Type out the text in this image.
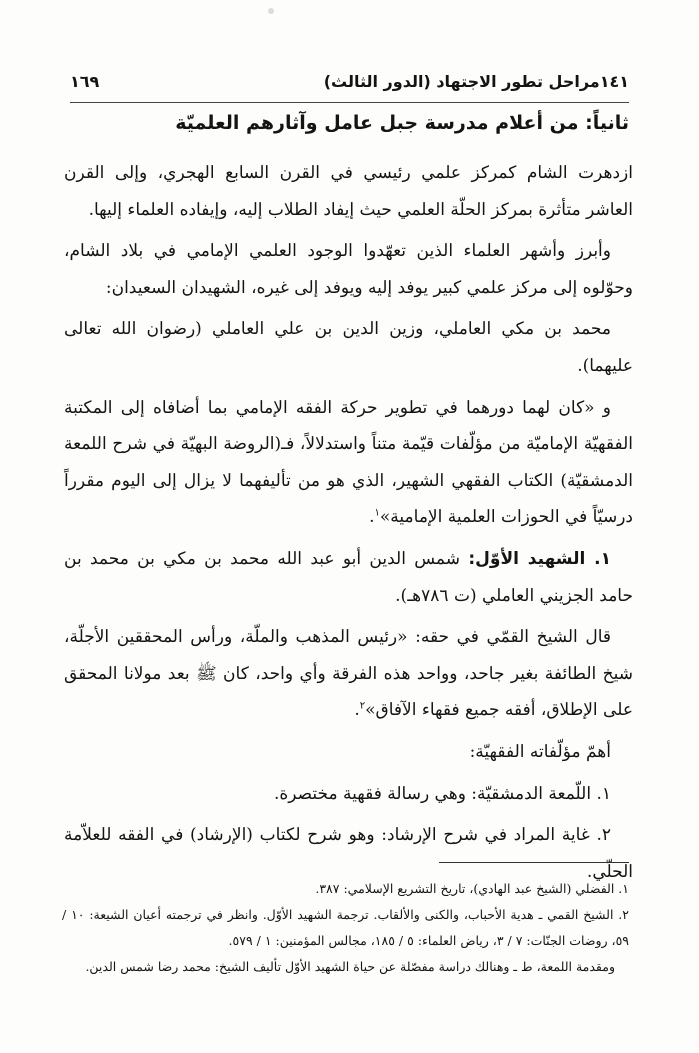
١٤١مراحل تطور الاجتهاد (الدور الثالث)
١٦٩
ثانياً: من أعلام مدرسة جبل عامل وآثارهم العلميّة

ازدهرت الشام كمركز علمي رئيسي في القرن السابع الهجري، وإلى القرن العاشر متأثرة بمركز الحلّة العلمي حيث إيفاد الطلاب إليه، وإيفاده العلماء إليها.

وأبرز وأشهر العلماء الذين تعهّدوا الوجود العلمي الإمامي في بلاد الشام، وحوّلوه إلى مركز علمي كبير يوفد إليه ويوفد إلى غيره، الشهيدان السعيدان:

محمد بن مكي العاملي، وزين الدين بن علي العاملي (رضوان الله تعالى عليهما).

و «كان لهما دورهما في تطوير حركة الفقه الإمامي بما أضافاه إلى المكتبة الفقهيّة الإماميّة من مؤلّفات قيّمة متناً واستدلالاً، فـ(الروضة البهيّة في شرح اللمعة الدمشقيّة) الكتاب الفقهي الشهير، الذي هو من تأليفهما لا يزال إلى اليوم مقرراً درسيّاً في الحوزات العلمية الإمامية»$^١$.

١. الشهيد الأوّل: شمس الدين أبو عبد الله محمد بن مكي بن محمد بن حامد الجزيني العاملي (ت ٧٨٦هـ).

قال الشيخ القمّي في حقه: «رئيس المذهب والملّة، ورأس المحققين الأجلّة، شيخ الطائفة بغير جاحد، وواحد هذه الفرقة وأي واحد، كان ﷺ بعد مولانا المحقق على الإطلاق، أفقه جميع فقهاء الآفاق»$^٢$.

أهمّ مؤلّفاته الفقهيّة:

١. اللّمعة الدمشقيّة: وهي رسالة فقهية مختصرة.

٢. غاية المراد في شرح الإرشاد: وهو شرح لكتاب (الإرشاد) في الفقه للعلاّمة الحلّي.

١. الفضلي (الشيخ عبد الهادي)، تاريخ التشريع الإسلامي: ٣٨٧.

٢. الشيخ القمي ـ هدية الأحباب، والكنى والألقاب. ترجمة الشهيد الأوّل. وانظر في ترجمته أعيان الشيعة: ١٠ / ٥٩، روضات الجنّات: ٧ / ٣، رياض العلماء: ٥ / ١٨٥، مجالس المؤمنين: ١ / ٥٧٩.

ومقدمة اللمعة، ط ـ وهنالك دراسة مفصّلة عن حياة الشهيد الأوّل تأليف الشيخ: محمد رضا شمس الدين.
